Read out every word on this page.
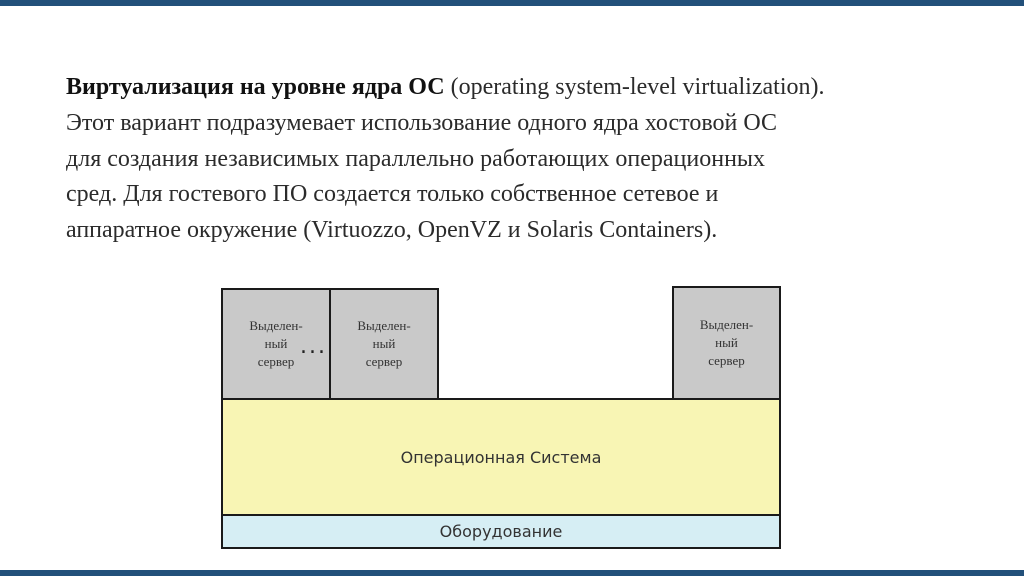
Виртуализация на уровне ядра ОС (operating system-level virtualization).
Этот вариант подразумевает использование одного ядра хостовой ОС
для создания независимых параллельно работающих операционных
сред. Для гостевого ПО создается только собственное сетевое и
аппаратное окружение (Virtuozzo, OpenVZ и Solaris Containers).
Выделен-
ный
сервер
Выделен-
ный
сервер
...
Выделен-
ный
сервер
Операционная Система
Оборудование
